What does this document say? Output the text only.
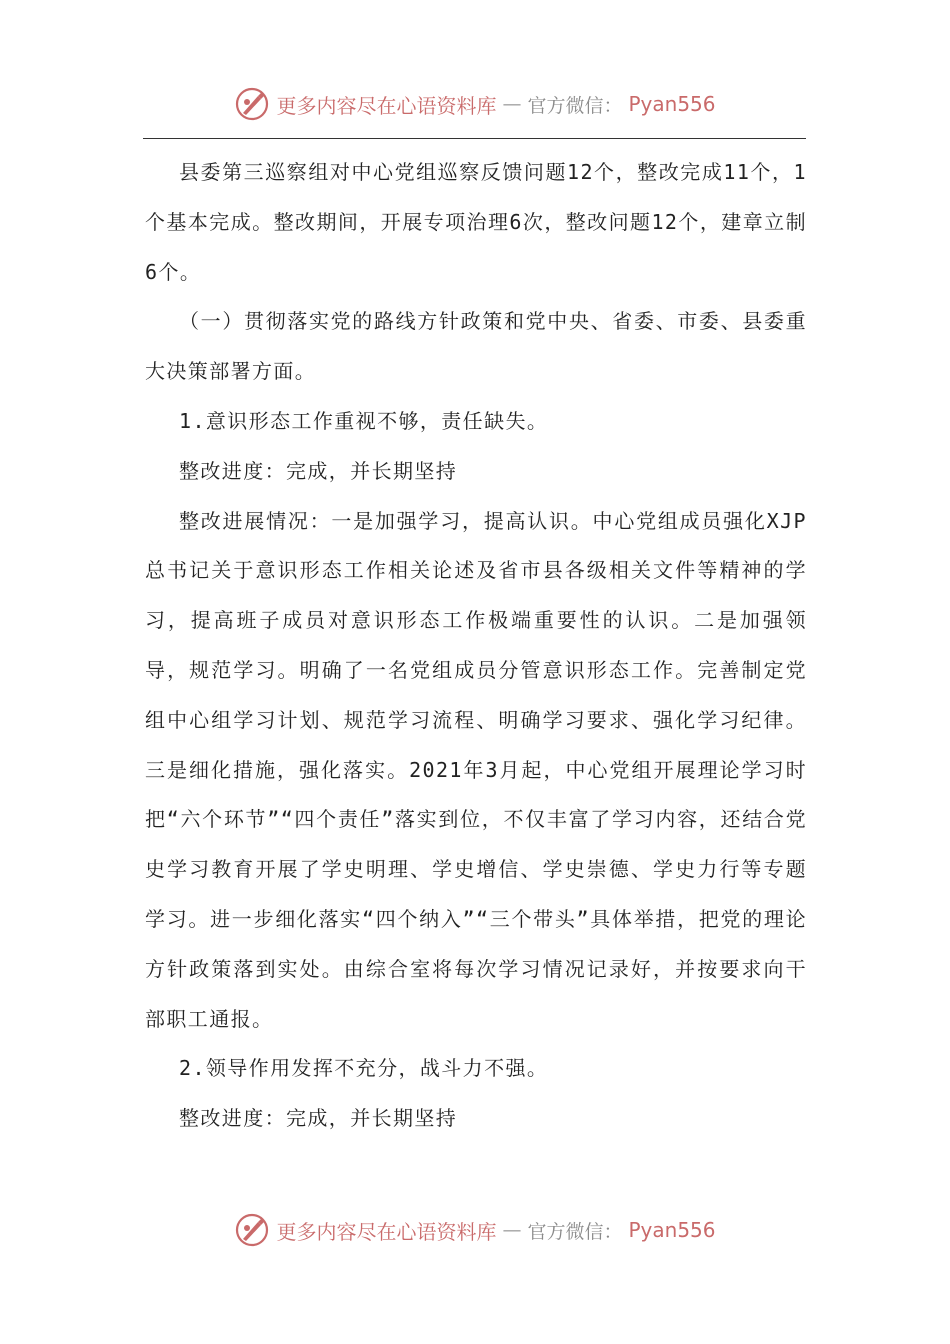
更多内容尽在心语资料库 — 官方微信： Pyan556

县委第三巡察组对中心党组巡察反馈问题12个，整改完成11个，1个基本完成。整改期间，开展专项治理6次，整改问题12个，建章立制6个。

（一）贯彻落实党的路线方针政策和党中央、省委、市委、县委重大决策部署方面。

1.意识形态工作重视不够，责任缺失。

整改进度：完成，并长期坚持

整改进展情况：一是加强学习，提高认识。中心党组成员强化XJP总书记关于意识形态工作相关论述及省市县各级相关文件等精神的学习，提高班子成员对意识形态工作极端重要性的认识。二是加强领导，规范学习。明确了一名党组成员分管意识形态工作。完善制定党组中心组学习计划、规范学习流程、明确学习要求、强化学习纪律。三是细化措施，强化落实。2021年3月起，中心党组开展理论学习时把“六个环节”“四个责任”落实到位，不仅丰富了学习内容，还结合党史学习教育开展了学史明理、学史增信、学史崇德、学史力行等专题学习。进一步细化落实“四个纳入”“三个带头”具体举措，把党的理论方针政策落到实处。由综合室将每次学习情况记录好，并按要求向干部职工通报。

2.领导作用发挥不充分，战斗力不强。

整改进度：完成，并长期坚持

更多内容尽在心语资料库 — 官方微信： Pyan556
